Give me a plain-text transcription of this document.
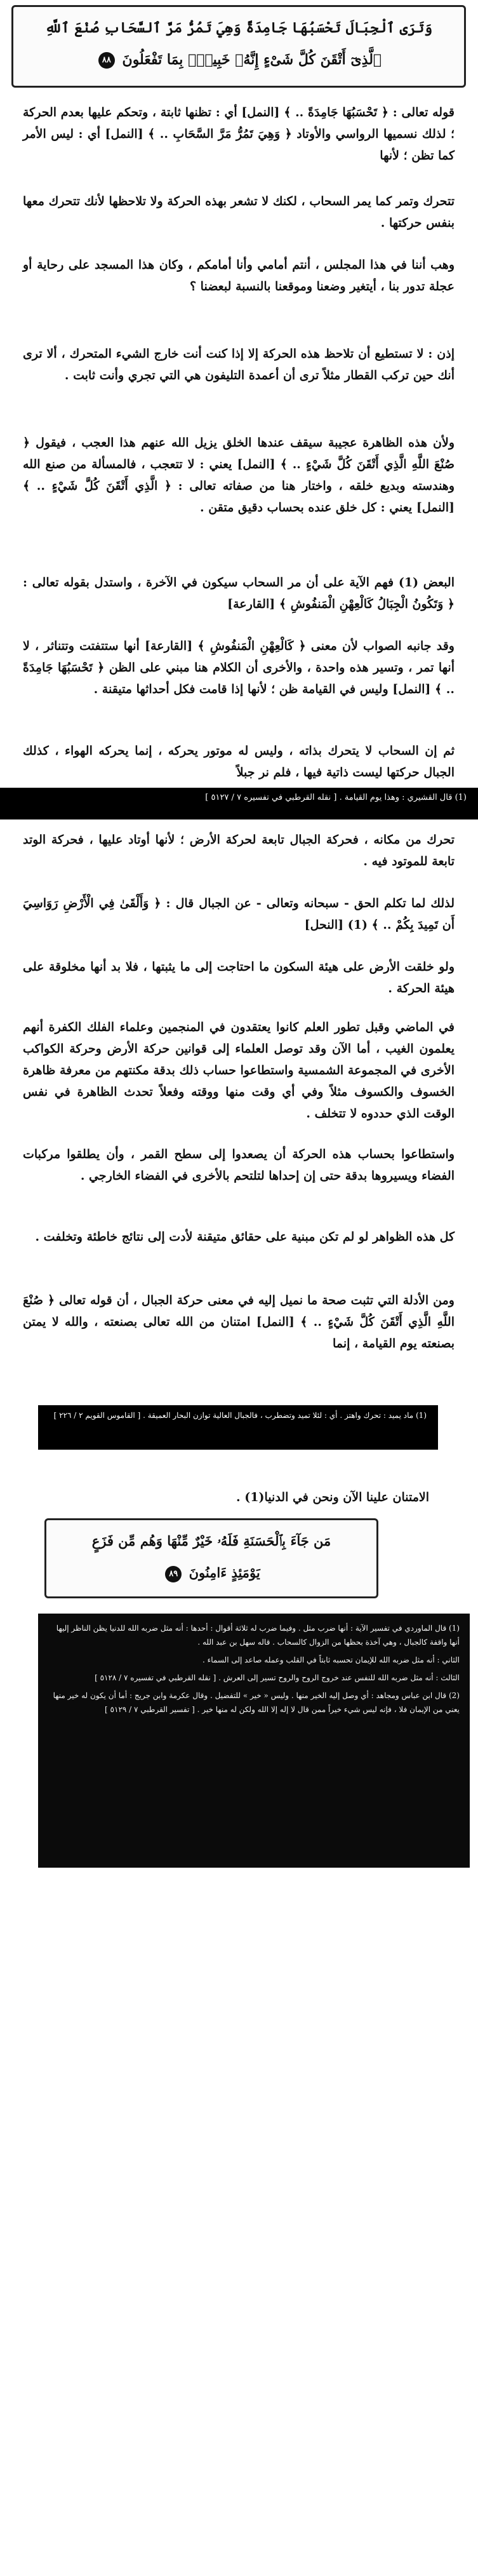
وَتَرَى ٱلْجِبَالَ تَحْسَبُهَا جَامِدَةً وَهِيَ تَمُرُّ مَرَّ ٱلسَّحَابِ صُنْعَ ٱللَّهِ
ٱلَّذِىٓ أَتْقَنَ كُلَّ شَىْءٍ إِنَّهُۥ خَبِيرٌۢ بِمَا تَفْعَلُونَ ٨٨
قوله تعالى : ﴿ تَحْسَبُهَا جَامِدَةً .. ﴾ [النمل] أي : تظنها ثابتة ، وتحكم عليها بعدم الحركة ؛ لذلك نسميها الرواسي والأوتاد ﴿ وَهِيَ تَمُرُّ مَرَّ السَّحَابِ .. ﴾ [النمل] أي : ليس الأمر كما تظن ؛ لأنها
تتحرك وتمر كما يمر السحاب ، لكنك لا تشعر بهذه الحركة ولا تلاحظها لأنك تتحرك معها بنفس حركتها .
وهب أننا في هذا المجلس ، أنتم أمامي وأنا أمامكم ، وكان هذا المسجد على رحاية أو عجلة تدور بنا ، أيتغير وضعنا وموقعنا بالنسبة لبعضنا ؟
إذن : لا تستطيع أن تلاحظ هذه الحركة إلا إذا كنت أنت خارج الشيء المتحرك ، ألا ترى أنك حين تركب القطار مثلاً ترى أن أعمدة التليفون هي التي تجري وأنت ثابت .
ولأن هذه الظاهرة عجيبة سيقف عندها الخلق يزيل الله عنهم هذا العجب ، فيقول ﴿ صُنْعَ اللَّهِ الَّذِي أَتْقَنَ كُلَّ شَيْءٍ .. ﴾ [النمل] يعني : لا تتعجب ، فالمسألة من صنع الله وهندسته وبديع خلقه ، واختار هنا من صفاته تعالى : ﴿ الَّذِي أَتْقَنَ كُلَّ شَيْءٍ .. ﴾ [النمل] يعني : كل خلق عنده بحساب دقيق متقن .
البعض (1) فهم الآية على أن مر السحاب سيكون في الآخرة ، واستدل بقوله تعالى : ﴿ وَتَكُونُ الْجِبَالُ كَالْعِهْنِ الْمَنفُوشِ ﴾ [القارعة]
وقد جانبه الصواب لأن معنى ﴿ كَالْعِهْنِ الْمَنفُوشِ ﴾ [القارعة] أنها ستتفتت وتتناثر ، لا أنها تمر ، وتسير هذه واحدة ، والأخرى أن الكلام هنا مبني على الظن ﴿ تَحْسَبُهَا جَامِدَةً .. ﴾ [النمل] وليس في القيامة ظن ؛ لأنها إذا قامت فكل أحداثها متيقنة .
ثم إن السحاب لا يتحرك بذاته ، وليس له موتور يحركه ، إنما يحركه الهواء ، كذلك الجبال حركتها ليست ذاتية فيها ، فلم نر جبلاً
(1) قال القشيري : وهذا يوم القيامة . [ نقله القرطبي في تفسيره ٧ / ٥١٢٧ ]
تحرك من مكانه ، فحركة الجبال تابعة لحركة الأرض ؛ لأنها أوتاد عليها ، فحركة الوتد تابعة للموتود فيه .
لذلك لما تكلم الحق - سبحانه وتعالى - عن الجبال قال : ﴿ وَأَلْقَىٰ فِي الْأَرْضِ رَوَاسِيَ أَن تَمِيدَ بِكُمْ .. ﴾ (1) [النحل]
ولو خلقت الأرض على هيئة السكون ما احتاجت إلى ما يثبتها ، فلا بد أنها مخلوقة على هيئة الحركة .
في الماضي وقبل تطور العلم كانوا يعتقدون في المنجمين وعلماء الفلك الكفرة أنهم يعلمون الغيب ، أما الآن وقد توصل العلماء إلى قوانين حركة الأرض وحركة الكواكب الأخرى في المجموعة الشمسية واستطاعوا حساب ذلك بدقة مكنتهم من معرفة ظاهرة الخسوف والكسوف مثلاً وفي أي وقت منها ووقته وفعلاً تحدث الظاهرة في نفس الوقت الذي حددوه لا تتخلف .
واستطاعوا بحساب هذه الحركة أن يصعدوا إلى سطح القمر ، وأن يطلقوا مركبات الفضاء ويسيروها بدقة حتى إن إحداها لتلتحم بالأخرى في الفضاء الخارجي .
كل هذه الظواهر لو لم تكن مبنية على حقائق متيقنة لأدت إلى نتائج خاطئة وتخلفت .
ومن الأدلة التي تثبت صحة ما نميل إليه في معنى حركة الجبال ، أن قوله تعالى ﴿ صُنْعَ اللَّهِ الَّذِي أَتْقَنَ كُلَّ شَيْءٍ .. ﴾ [النمل] امتنان من الله تعالى بصنعته ، والله لا يمتن بصنعته يوم القيامة ، إنما
(1) ماد يميد : تحرك واهتز . أي : لئلا تميد وتضطرب ، فالجبال العالية توازن البحار العميقة . [ القاموس القويم ٢ / ٢٢٦ ]
الامتنان علينا الآن ونحن في الدنيا(1) .
مَن جَآءَ بِٱلْحَسَنَةِ فَلَهُۥ خَيْرٌ مِّنْهَا وَهُم مِّن فَزَعٍ
يَوْمَئِذٍ ءَامِنُونَ ٨٩

(1) قال الماوردي في تفسير الآية : أنها ضرب مثل . وفيما ضرب له ثلاثة أقوال : أحدها : أنه مثل ضربه الله للدنيا يظن الناظر إليها أنها واقفة كالجبال ، وهي آخذة بحظها من الزوال كالسحاب . قاله سهل بن عبد الله .

الثاني : أنه مثل ضربه الله للإيمان تحسبه ثابتاً في القلب وعمله صاعد إلى السماء .

الثالث : أنه مثل ضربه الله للنفس عند خروج الروح والروح تسير إلى العرش . [ نقله القرطبي في تفسيره ٧ / ٥١٢٨ ]

(2) قال ابن عباس ومجاهد : أي وصل إليه الخير منها . وليس « خير » للتفضيل . وقال عكرمة وابن جريج : أما أن يكون له خير منها يعني من الإيمان فلا ، فإنه ليس شيء خيراً ممن قال لا إله إلا الله ولكن له منها خير . [ تفسير القرطبي ٧ / ٥١٢٩ ]
